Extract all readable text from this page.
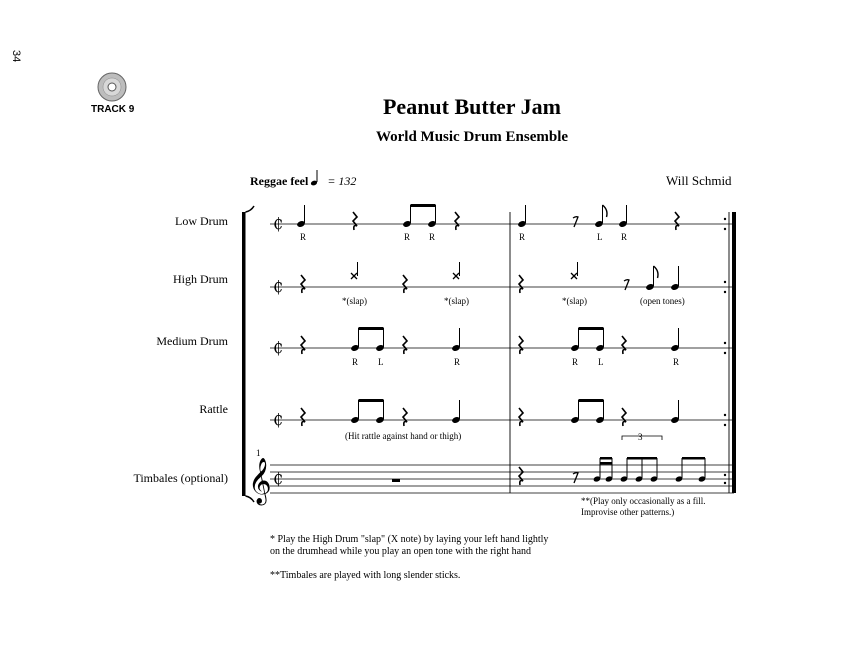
34
𝄞
₵
₵
₵
₵
₵
TRACK 9	Peanut Butter Jam
World Music Drum Ensemble
Will Schmid
Reggae feel = 132
Low Drum
High Drum
Medium Drum
Rattle
Timbales (optional)
R	R R	R	L R
R L	R	R L	R
*(slap)	*(slap)	*(slap)	(open tones)
(Hit rattle against hand or thigh)	3
1
**(Play only occasionally as a fill. Improvise other patterns.)
* Play the High Drum "slap" (X note) by laying your left hand lightly on the drumhead while you play an open tone with the right hand
**Timbales are played with long slender sticks.
